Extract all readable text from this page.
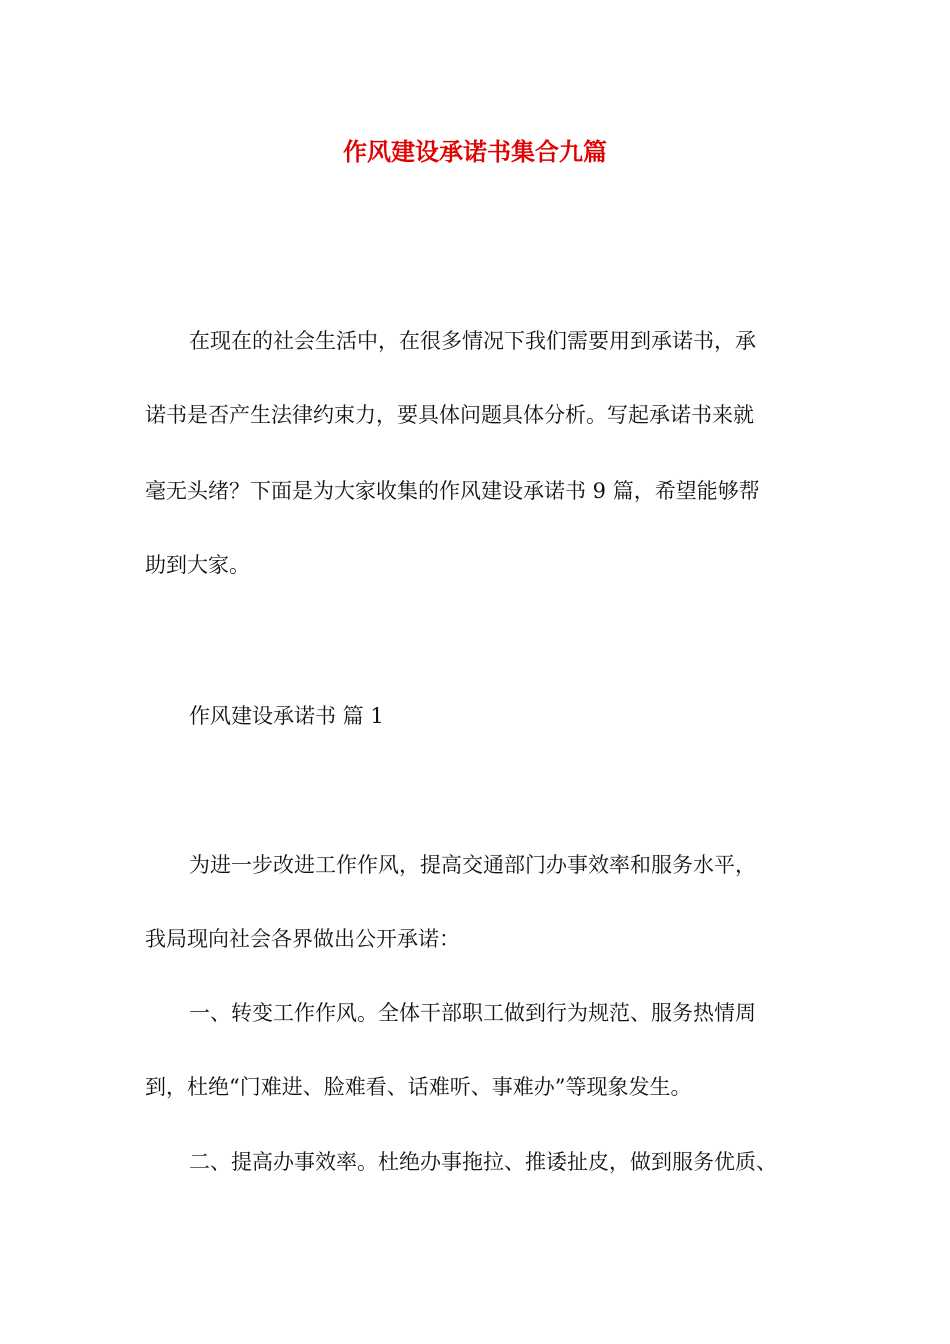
作风建设承诺书集合九篇

在现在的社会生活中，在很多情况下我们需要用到承诺书，承

诺书是否产生法律约束力，要具体问题具体分析。写起承诺书来就

毫无头绪？下面是为大家收集的作风建设承诺书 9 篇，希望能够帮

助到大家。

作风建设承诺书 篇 1

为进一步改进工作作风，提高交通部门办事效率和服务水平，

我局现向社会各界做出公开承诺：

一、转变工作作风。全体干部职工做到行为规范、服务热情周

到，杜绝“门难进、脸难看、话难听、事难办”等现象发生。

二、提高办事效率。杜绝办事拖拉、推诿扯皮，做到服务优质、
